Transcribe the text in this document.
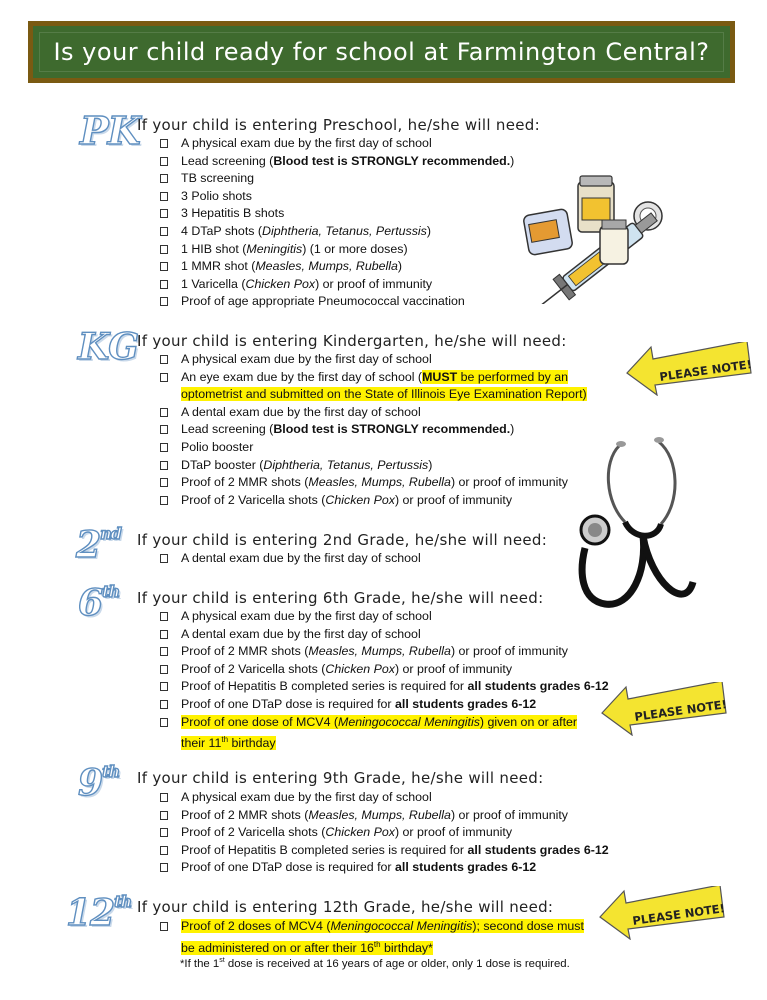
Is your child ready for school at Farmington Central?
PK

If your child is entering Preschool, he/she will need:

A physical exam due by the first day of school
Lead screening (Blood test is STRONGLY recommended.)
TB screening
3 Polio shots
3 Hepatitis B shots
4 DTaP shots (Diphtheria, Tetanus, Pertussis)
1 HIB shot (Meningitis) (1 or more doses)
1 MMR shot (Measles, Mumps, Rubella)
1 Varicella (Chicken Pox) or proof of immunity
Proof of age appropriate Pneumococcal vaccination
KG

If your child is entering Kindergarten, he/she will need:

A physical exam due by the first day of school
An eye exam due by the first day of school (MUST be performed by an
optometrist and submitted on the State of Illinois Eye Examination Report)
A dental exam due by the first day of school
Lead screening (Blood test is STRONGLY recommended.)
Polio booster
DTaP booster (Diphtheria, Tetanus, Pertussis)
Proof of 2 MMR shots (Measles, Mumps, Rubella) or proof of immunity
Proof of 2 Varicella shots (Chicken Pox) or proof of immunity
PLEASE NOTE!
2nd If your child is entering 2nd Grade, he/she will need:

A dental exam due by the first day of school
6th If your child is entering 6th Grade, he/she will need:

A physical exam due by the first day of school
A dental exam due by the first day of school
Proof of 2 MMR shots (Measles, Mumps, Rubella) or proof of immunity
Proof of 2 Varicella shots (Chicken Pox) or proof of immunity
Proof of Hepatitis B completed series is required for all students grades 6-12
Proof of one DTaP dose is required for all students grades 6-12
Proof of one dose of MCV4 (Meningococcal Meningitis) given on or after
their 11th birthday
PLEASE NOTE!
9th If your child is entering 9th Grade, he/she will need:

A physical exam due by the first day of school
Proof of 2 MMR shots (Measles, Mumps, Rubella) or proof of immunity
Proof of 2 Varicella shots (Chicken Pox) or proof of immunity
Proof of Hepatitis B completed series is required for all students grades 6-12
Proof of one DTaP dose is required for all students grades 6-12
12th If your child is entering 12th Grade, he/she will need:

Proof of 2 doses of MCV4 (Meningococcal Meningitis); second dose must
be administered on or after their 16th birthday*
*If the 1st dose is received at 16 years of age or older, only 1 dose is required.
PLEASE NOTE!
